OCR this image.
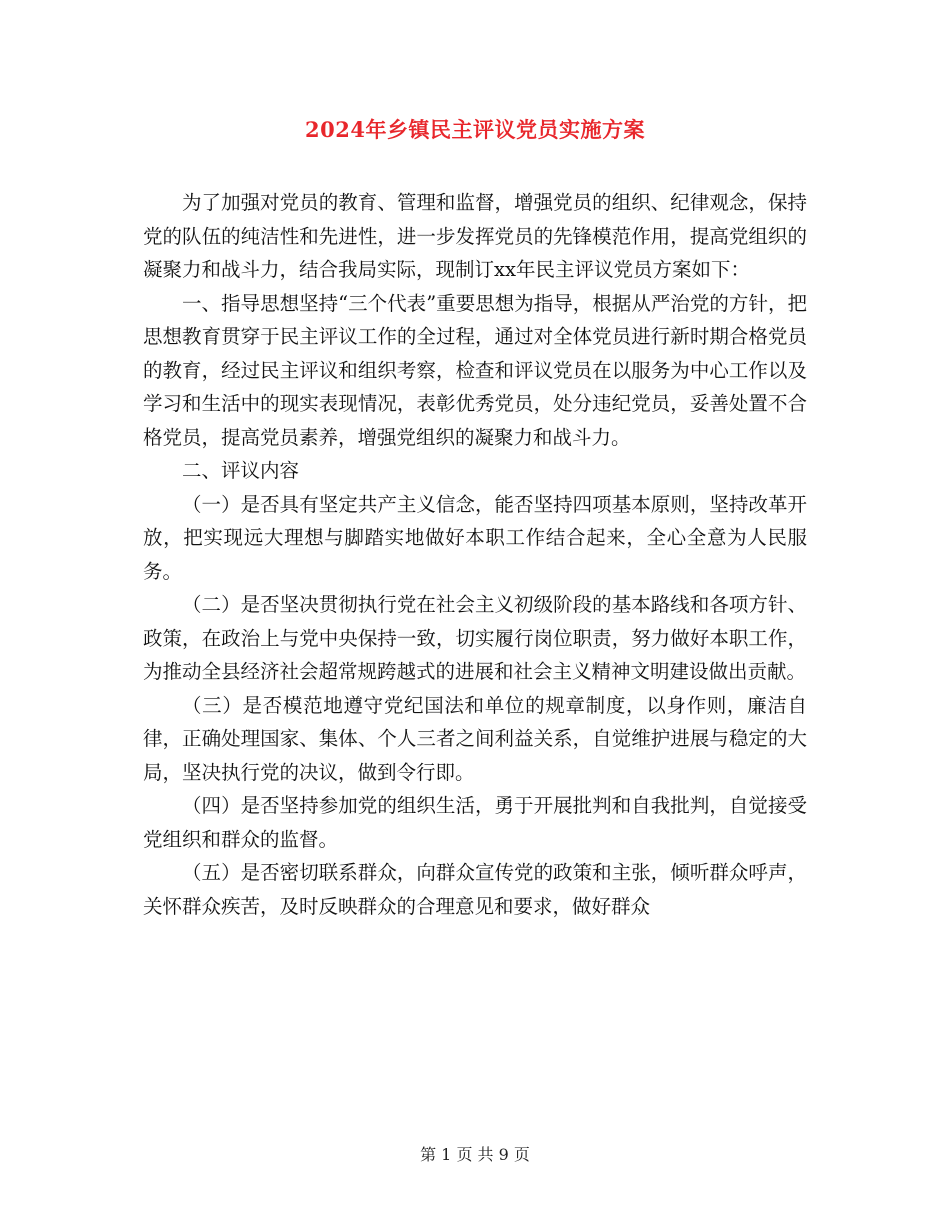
2024年乡镇民主评议党员实施方案

为了加强对党员的教育、管理和监督，增强党员的组织、纪律观念，保持党的队伍的纯洁性和先进性，进一步发挥党员的先锋模范作用，提高党组织的凝聚力和战斗力，结合我局实际，现制订xx年民主评议党员方案如下：

一、指导思想坚持“三个代表”重要思想为指导，根据从严治党的方针，把思想教育贯穿于民主评议工作的全过程，通过对全体党员进行新时期合格党员的教育，经过民主评议和组织考察，检查和评议党员在以服务为中心工作以及学习和生活中的现实表现情况，表彰优秀党员，处分违纪党员，妥善处置不合格党员，提高党员素养，增强党组织的凝聚力和战斗力。

二、评议内容

（一）是否具有坚定共产主义信念，能否坚持四项基本原则，坚持改革开放，把实现远大理想与脚踏实地做好本职工作结合起来，全心全意为人民服务。

（二）是否坚决贯彻执行党在社会主义初级阶段的基本路线和各项方针、政策，在政治上与党中央保持一致，切实履行岗位职责，努力做好本职工作，为推动全县经济社会超常规跨越式的进展和社会主义精神文明建设做出贡献。

（三）是否模范地遵守党纪国法和单位的规章制度，以身作则，廉洁自律，正确处理国家、集体、个人三者之间利益关系，自觉维护进展与稳定的大局，坚决执行党的决议，做到令行即。

（四）是否坚持参加党的组织生活，勇于开展批判和自我批判，自觉接受党组织和群众的监督。

（五）是否密切联系群众，向群众宣传党的政策和主张，倾听群众呼声，关怀群众疾苦，及时反映群众的合理意见和要求，做好群众

第 1 页 共 9 页
